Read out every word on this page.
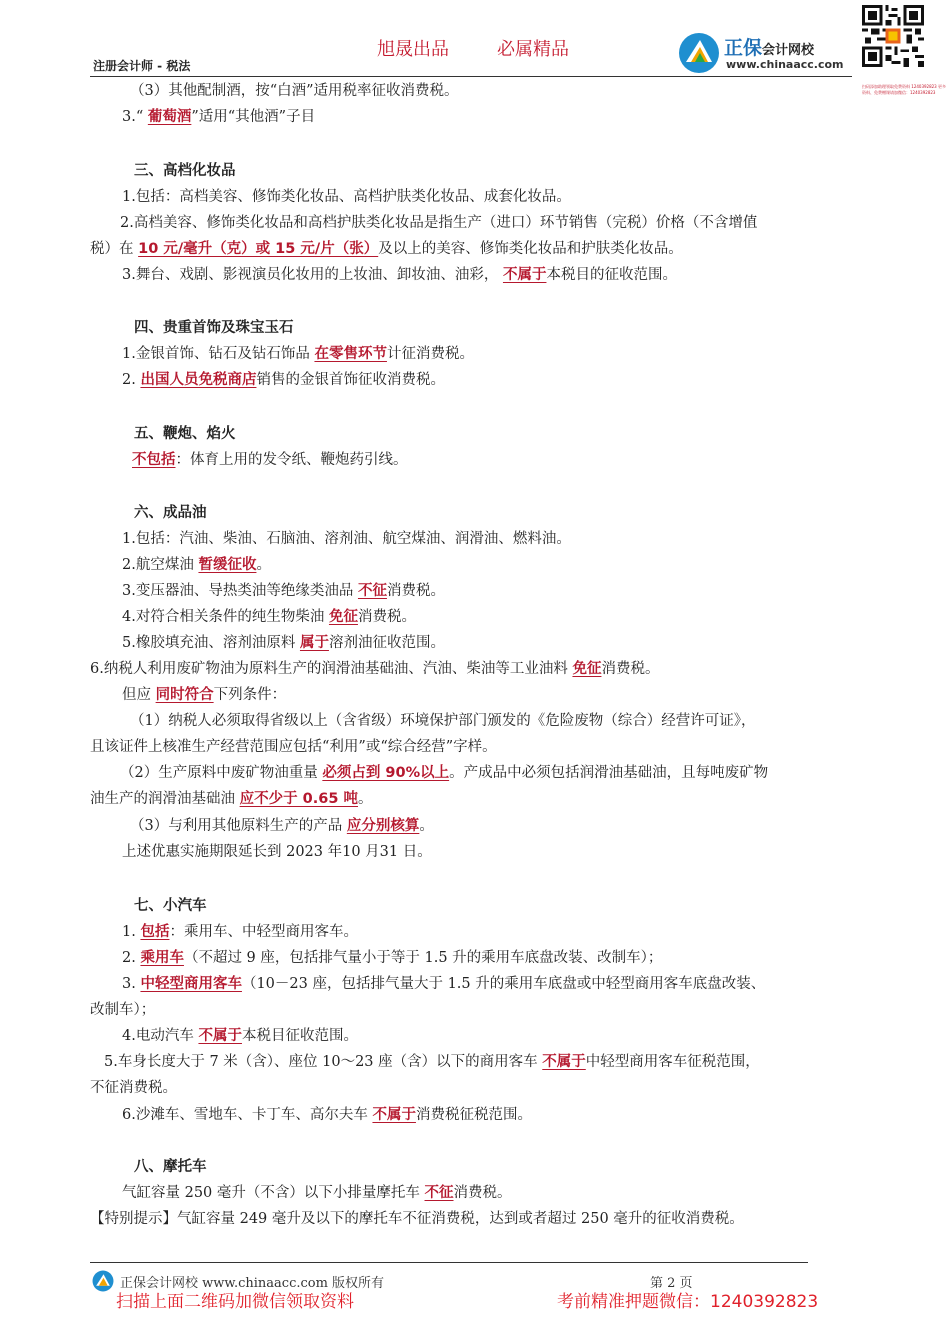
旭晟出品	必属精品
注册会计师 - 税法
正保会计网校
www.chinaacc.com
扫码添加助理领取免费资料 1240392823 更多资料、免费赠课请加微信：1240392823
（3）其他配制酒，按“白酒”适用税率征收消费税。
3.“ 葡萄酒”适用“其他酒”子目
三、高档化妆品
1.包括：高档美容、修饰类化妆品、高档护肤类化妆品、成套化妆品。
2.高档美容、修饰类化妆品和高档护肤类化妆品是指生产（进口）环节销售（完税）价格（不含增值
税）在 10 元/毫升（克）或 15 元/片（张）及以上的美容、修饰类化妆品和护肤类化妆品。
3.舞台、戏剧、影视演员化妆用的上妆油、卸妆油、油彩， 不属于本税目的征收范围。
四、贵重首饰及珠宝玉石
1.金银首饰、钻石及钻石饰品 在零售环节计征消费税。
2. 出国人员免税商店销售的金银首饰征收消费税。
五、鞭炮、焰火
不包括：体育上用的发令纸、鞭炮药引线。
六、成品油
1.包括：汽油、柴油、石脑油、溶剂油、航空煤油、润滑油、燃料油。
2.航空煤油 暂缓征收。
3.变压器油、导热类油等绝缘类油品 不征消费税。
4.对符合相关条件的纯生物柴油 免征消费税。
5.橡胶填充油、溶剂油原料 属于溶剂油征收范围。
6.纳税人利用废矿物油为原料生产的润滑油基础油、汽油、柴油等工业油料 免征消费税。
但应 同时符合下列条件：
（1）纳税人必须取得省级以上（含省级）环境保护部门颁发的《危险废物（综合）经营许可证》，
且该证件上核准生产经营范围应包括“利用”或“综合经营”字样。
（2）生产原料中废矿物油重量 必须占到 90%以上。产成品中必须包括润滑油基础油，且每吨废矿物
油生产的润滑油基础油 应不少于 0.65 吨。
（3）与利用其他原料生产的产品 应分别核算。
上述优惠实施期限延长到 2023 年10 月31 日。
七、小汽车
1. 包括：乘用车、中轻型商用客车。
2. 乘用车（不超过 9 座，包括排气量小于等于 1.5 升的乘用车底盘改装、改制车）；
3. 中轻型商用客车（10－23 座，包括排气量大于 1.5 升的乘用车底盘或中轻型商用客车底盘改装、
改制车）；
4.电动汽车 不属于本税目征收范围。
5.车身长度大于 7 米（含）、座位 10～23 座（含）以下的商用客车 不属于中轻型商用客车征税范围，
不征消费税。
6.沙滩车、雪地车、卡丁车、高尔夫车 不属于消费税征税范围。
八、摩托车
气缸容量 250 毫升（不含）以下小排量摩托车 不征消费税。
【特别提示】气缸容量 249 毫升及以下的摩托车不征消费税，达到或者超过 250 毫升的征收消费税。
正保会计网校 www.chinaacc.com 版权所有	第 2 页
扫描上面二维码加微信领取资料	考前精准押题微信：1240392823
